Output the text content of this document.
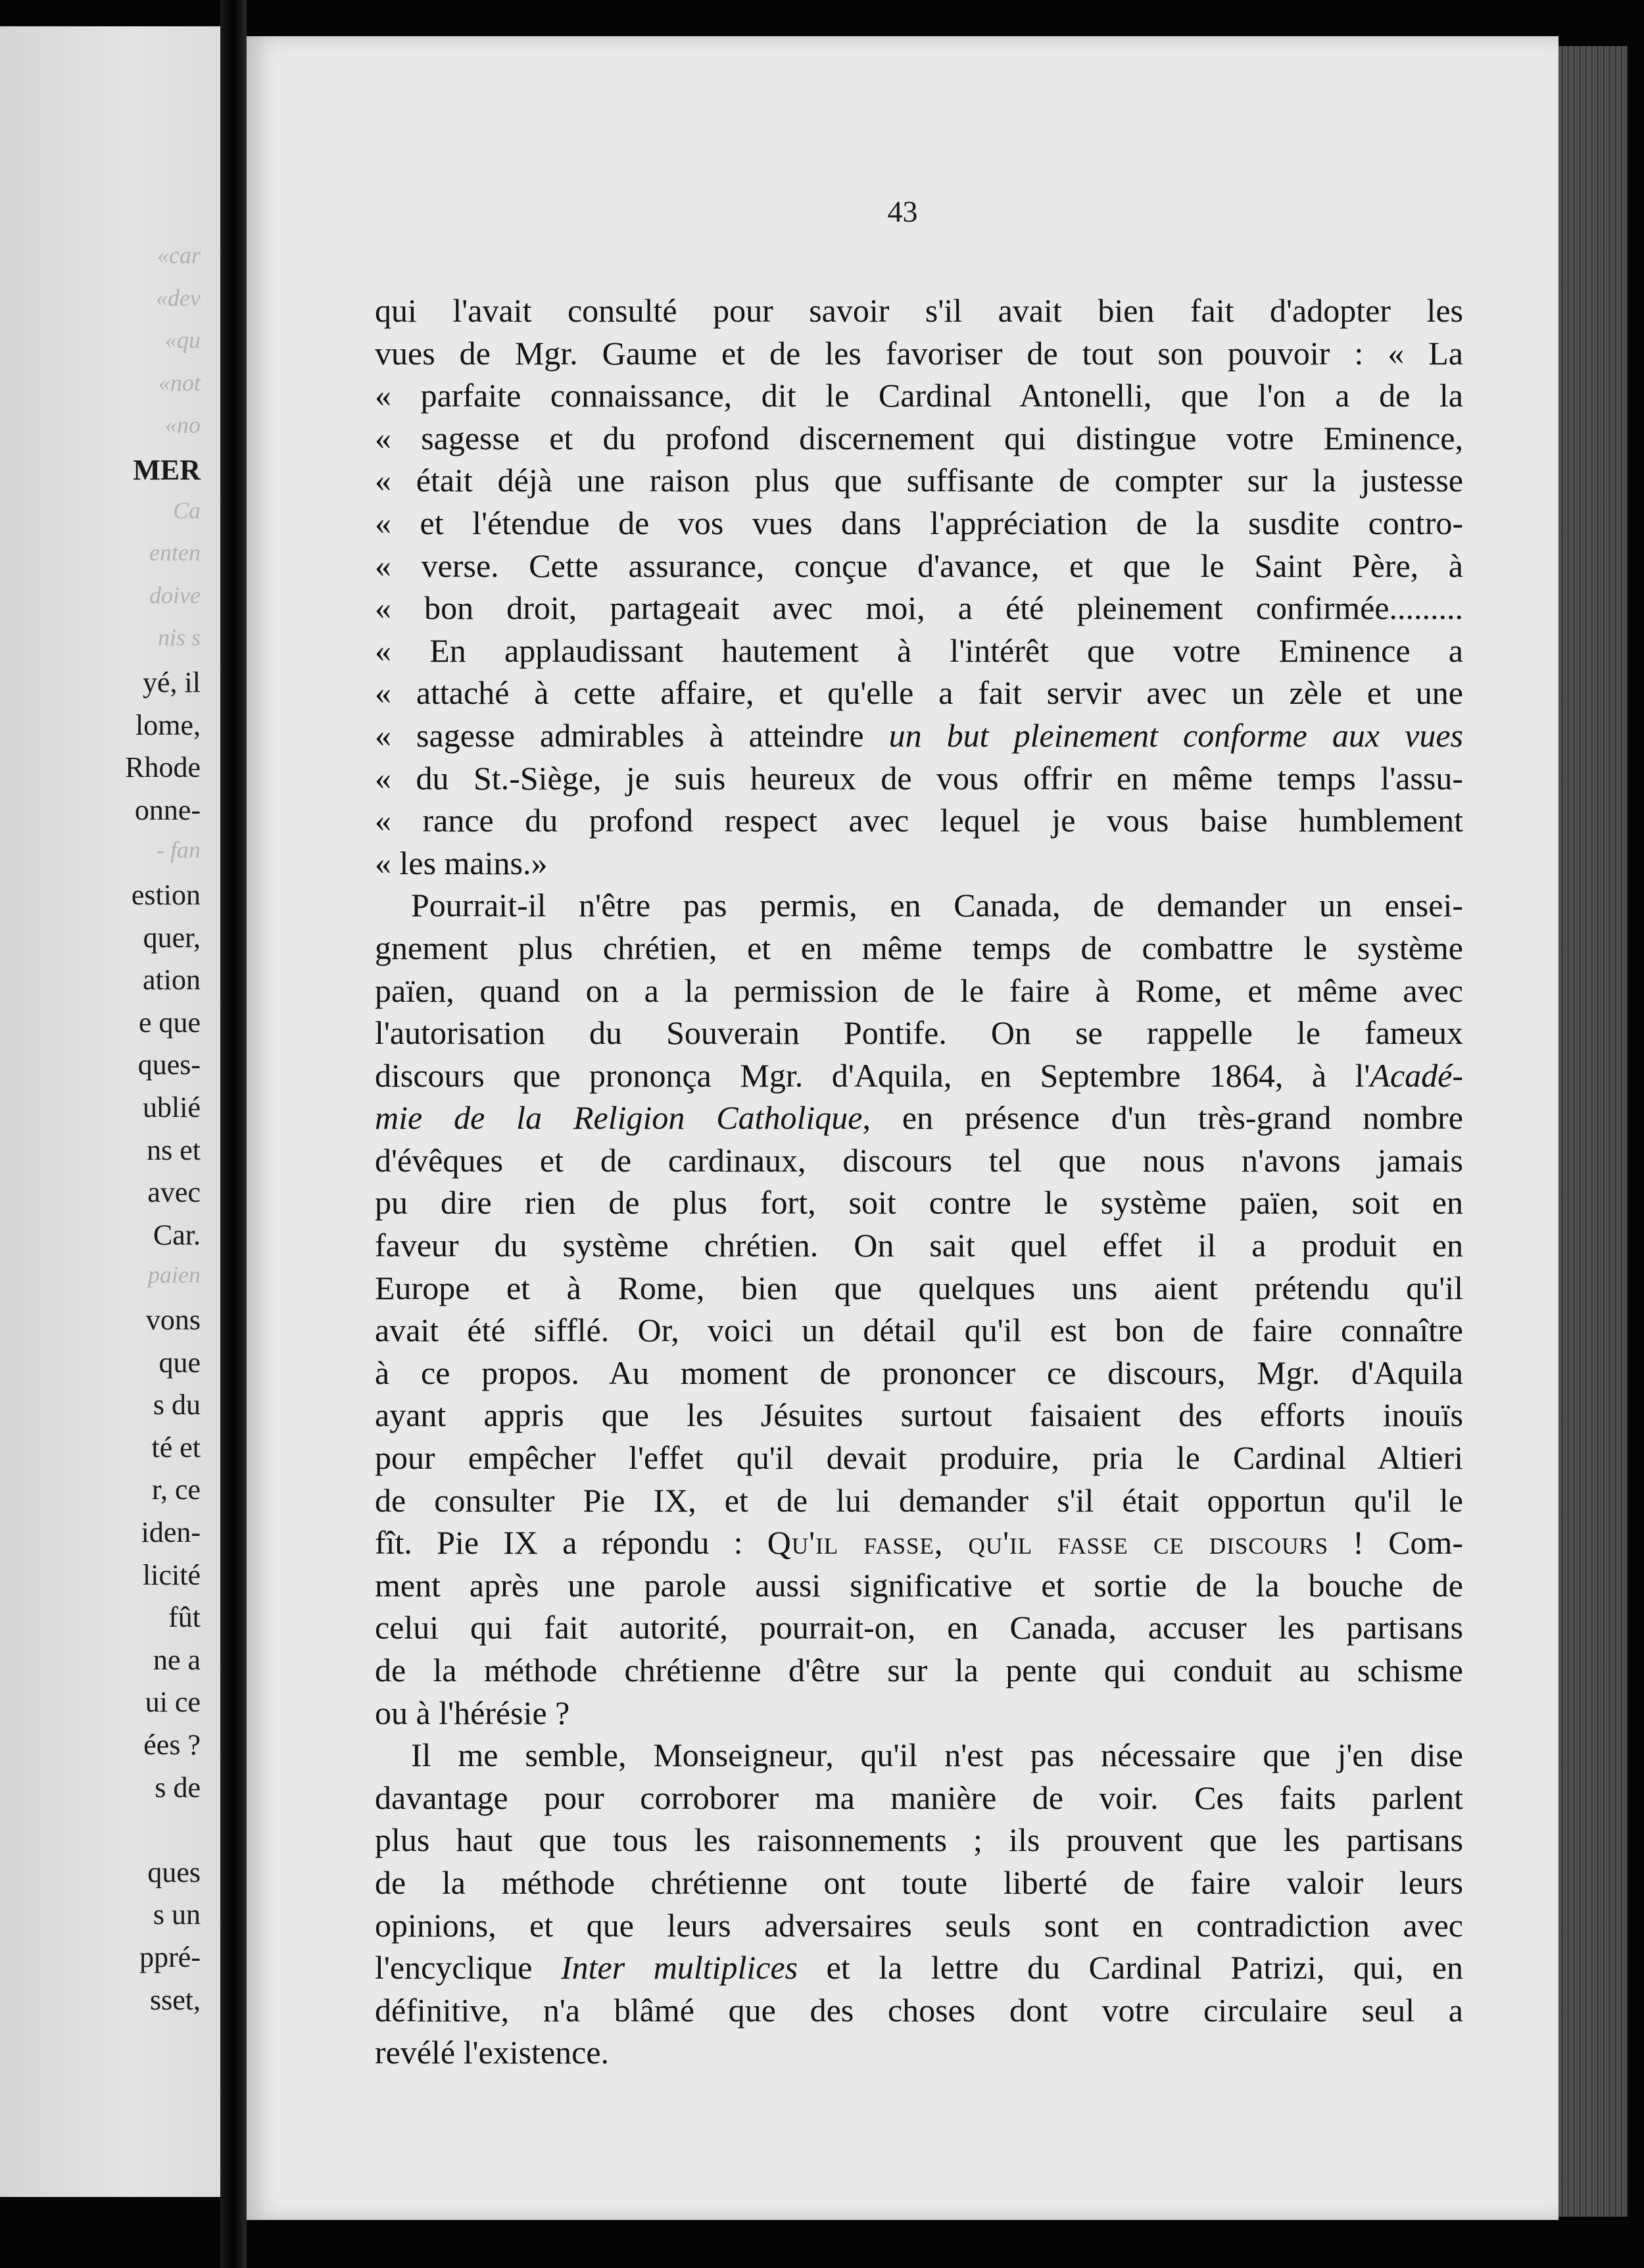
«car
«dev
«qu
«not
«no
MER
Ca
enten
doive
nis s
yé, il
lome,
Rhode
onne-
- fan
estion
quer,
ation
e que
ques-
ublié
ns et
avec
Car.
paien
vons
que
s du
té et
r, ce
iden-
licité
fût
ne a
ui ce
ées ?
s de
ques
s un
ppré-
sset,
43
qui l'avait consulté pour savoir s'il avait bien fait d'adopter les
vues de Mgr. Gaume et de les favoriser de tout son pouvoir : « La
« parfaite connaissance, dit le Cardinal Antonelli, que l'on a de la
« sagesse et du profond discernement qui distingue votre Eminence,
« était déjà une raison plus que suffisante de compter sur la justesse
« et l'étendue de vos vues dans l'appréciation de la susdite contro-
« verse. Cette assurance, conçue d'avance, et que le Saint Père, à
« bon droit, partageait avec moi, a été pleinement confirmée.........
« En applaudissant hautement à l'intérêt que votre Eminence a
« attaché à cette affaire, et qu'elle a fait servir avec un zèle et une
« sagesse admirables à atteindre un but pleinement conforme aux vues
« du St.-Siège, je suis heureux de vous offrir en même temps l'assu-
« rance du profond respect avec lequel je vous baise humblement
« les mains.»
Pourrait-il n'être pas permis, en Canada, de demander un ensei-
gnement plus chrétien, et en même temps de combattre le système
païen, quand on a la permission de le faire à Rome, et même avec
l'autorisation du Souverain Pontife. On se rappelle le fameux
discours que prononça Mgr. d'Aquila, en Septembre 1864, à l'Acadé-
mie de la Religion Catholique, en présence d'un très-grand nombre
d'évêques et de cardinaux, discours tel que nous n'avons jamais
pu dire rien de plus fort, soit contre le système païen, soit en
faveur du système chrétien. On sait quel effet il a produit en
Europe et à Rome, bien que quelques uns aient prétendu qu'il
avait été sifflé. Or, voici un détail qu'il est bon de faire connaître
à ce propos. Au moment de prononcer ce discours, Mgr. d'Aquila
ayant appris que les Jésuites surtout faisaient des efforts inouïs
pour empêcher l'effet qu'il devait produire, pria le Cardinal Altieri
de consulter Pie IX, et de lui demander s'il était opportun qu'il le
fît. Pie IX a répondu : Qu'il fasse, qu'il fasse ce discours ! Com-
ment après une parole aussi significative et sortie de la bouche de
celui qui fait autorité, pourrait-on, en Canada, accuser les partisans
de la méthode chrétienne d'être sur la pente qui conduit au schisme
ou à l'hérésie ?
Il me semble, Monseigneur, qu'il n'est pas nécessaire que j'en dise
davantage pour corroborer ma manière de voir. Ces faits parlent
plus haut que tous les raisonnements ; ils prouvent que les partisans
de la méthode chrétienne ont toute liberté de faire valoir leurs
opinions, et que leurs adversaires seuls sont en contradiction avec
l'encyclique Inter multiplices et la lettre du Cardinal Patrizi, qui, en
définitive, n'a blâmé que des choses dont votre circulaire seul a
revélé l'existence.
